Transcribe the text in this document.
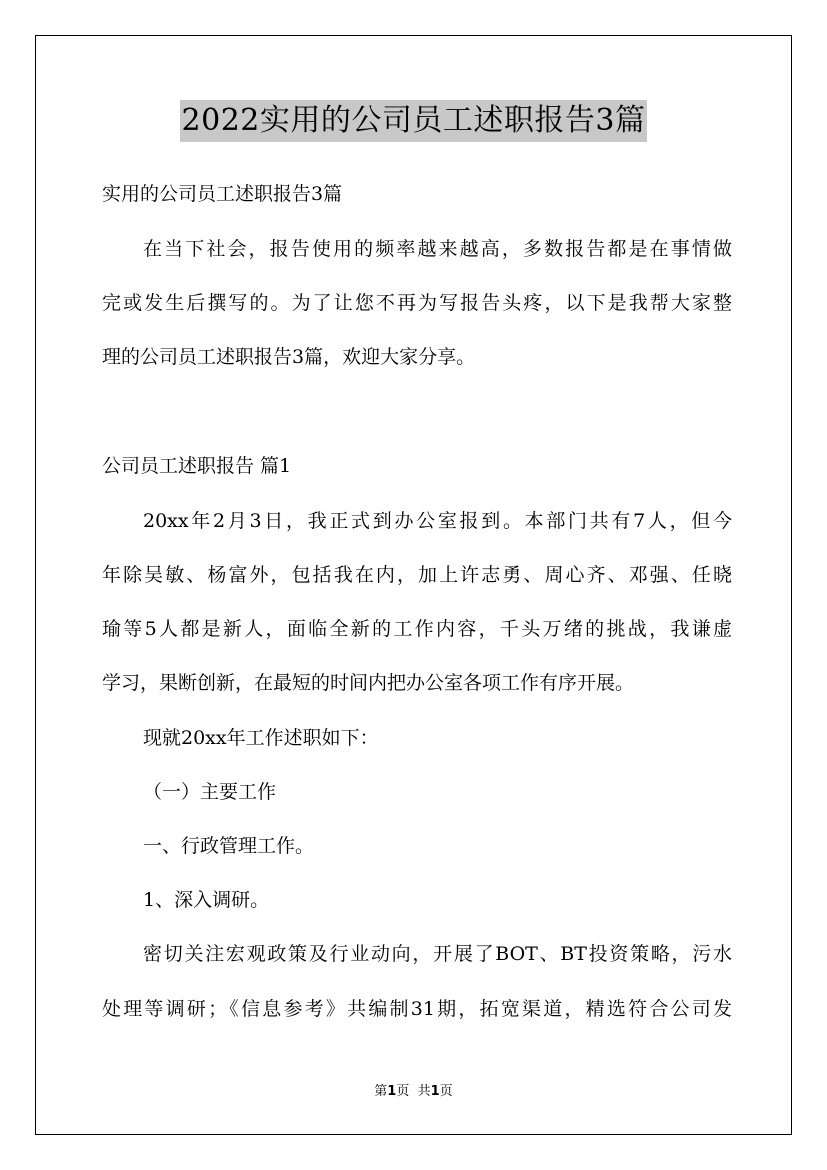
2022实用的公司员工述职报告3篇
实用的公司员工述职报告3篇
在当下社会，报告使用的频率越来越高，多数报告都是在事情做
完或发生后撰写的。为了让您不再为写报告头疼，以下是我帮大家整
理的公司员工述职报告3篇，欢迎大家分享。
公司员工述职报告 篇1
20xx年2月3日，我正式到办公室报到。本部门共有7人，但今
年除吴敏、杨富外，包括我在内，加上许志勇、周心齐、邓强、任晓
瑜等5人都是新人，面临全新的工作内容，千头万绪的挑战，我谦虚
学习，果断创新，在最短的时间内把办公室各项工作有序开展。
现就20xx年工作述职如下：
（一）主要工作
一、行政管理工作。
1、深入调研。
密切关注宏观政策及行业动向，开展了BOT、BT投资策略，污水
处理等调研；《信息参考》共编制31期，拓宽渠道，精选符合公司发
第1页 共1页
